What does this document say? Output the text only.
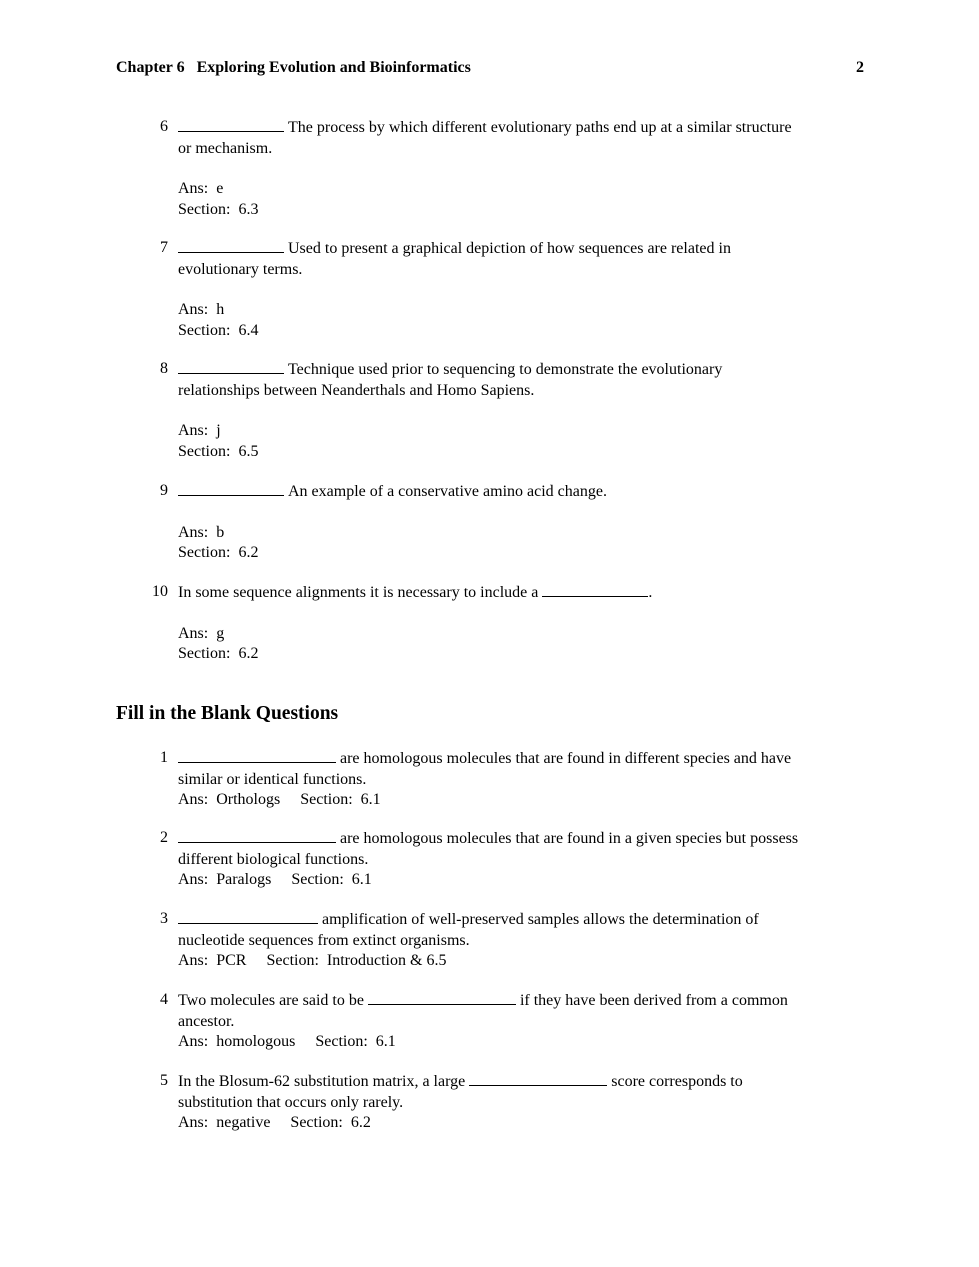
Chapter 6   Exploring Evolution and Bioinformatics	2
6	The process by which different evolutionary paths end up at a similar structure
or mechanism.
Ans:  e
Section:  6.3
7	Used to present a graphical depiction of how sequences are related in
evolutionary terms.
Ans:  h
Section:  6.4
8	Technique used prior to sequencing to demonstrate the evolutionary
relationships between Neanderthals and Homo Sapiens.
Ans:  j
Section:  6.5
9	An example of a conservative amino acid change.
Ans:  b
Section:  6.2
10 In some sequence alignments it is necessary to include a	.
Ans:  g
Section:  6.2
Fill in the Blank Questions
1	are homologous molecules that are found in different species and have
similar or identical functions.
Ans:  Orthologs Section:  6.1
2	are homologous molecules that are found in a given species but possess
different biological functions.
Ans:  Paralogs Section:  6.1
3	amplification of well-preserved samples allows the determination of
nucleotide sequences from extinct organisms.
Ans:  PCR Section:  Introduction & 6.5
4 Two molecules are said to be	if they have been derived from a common
ancestor.
Ans:  homologous Section:  6.1
5 In the Blosum-62 substitution matrix, a large	score corresponds to
substitution that occurs only rarely.
Ans:  negative Section:  6.2
